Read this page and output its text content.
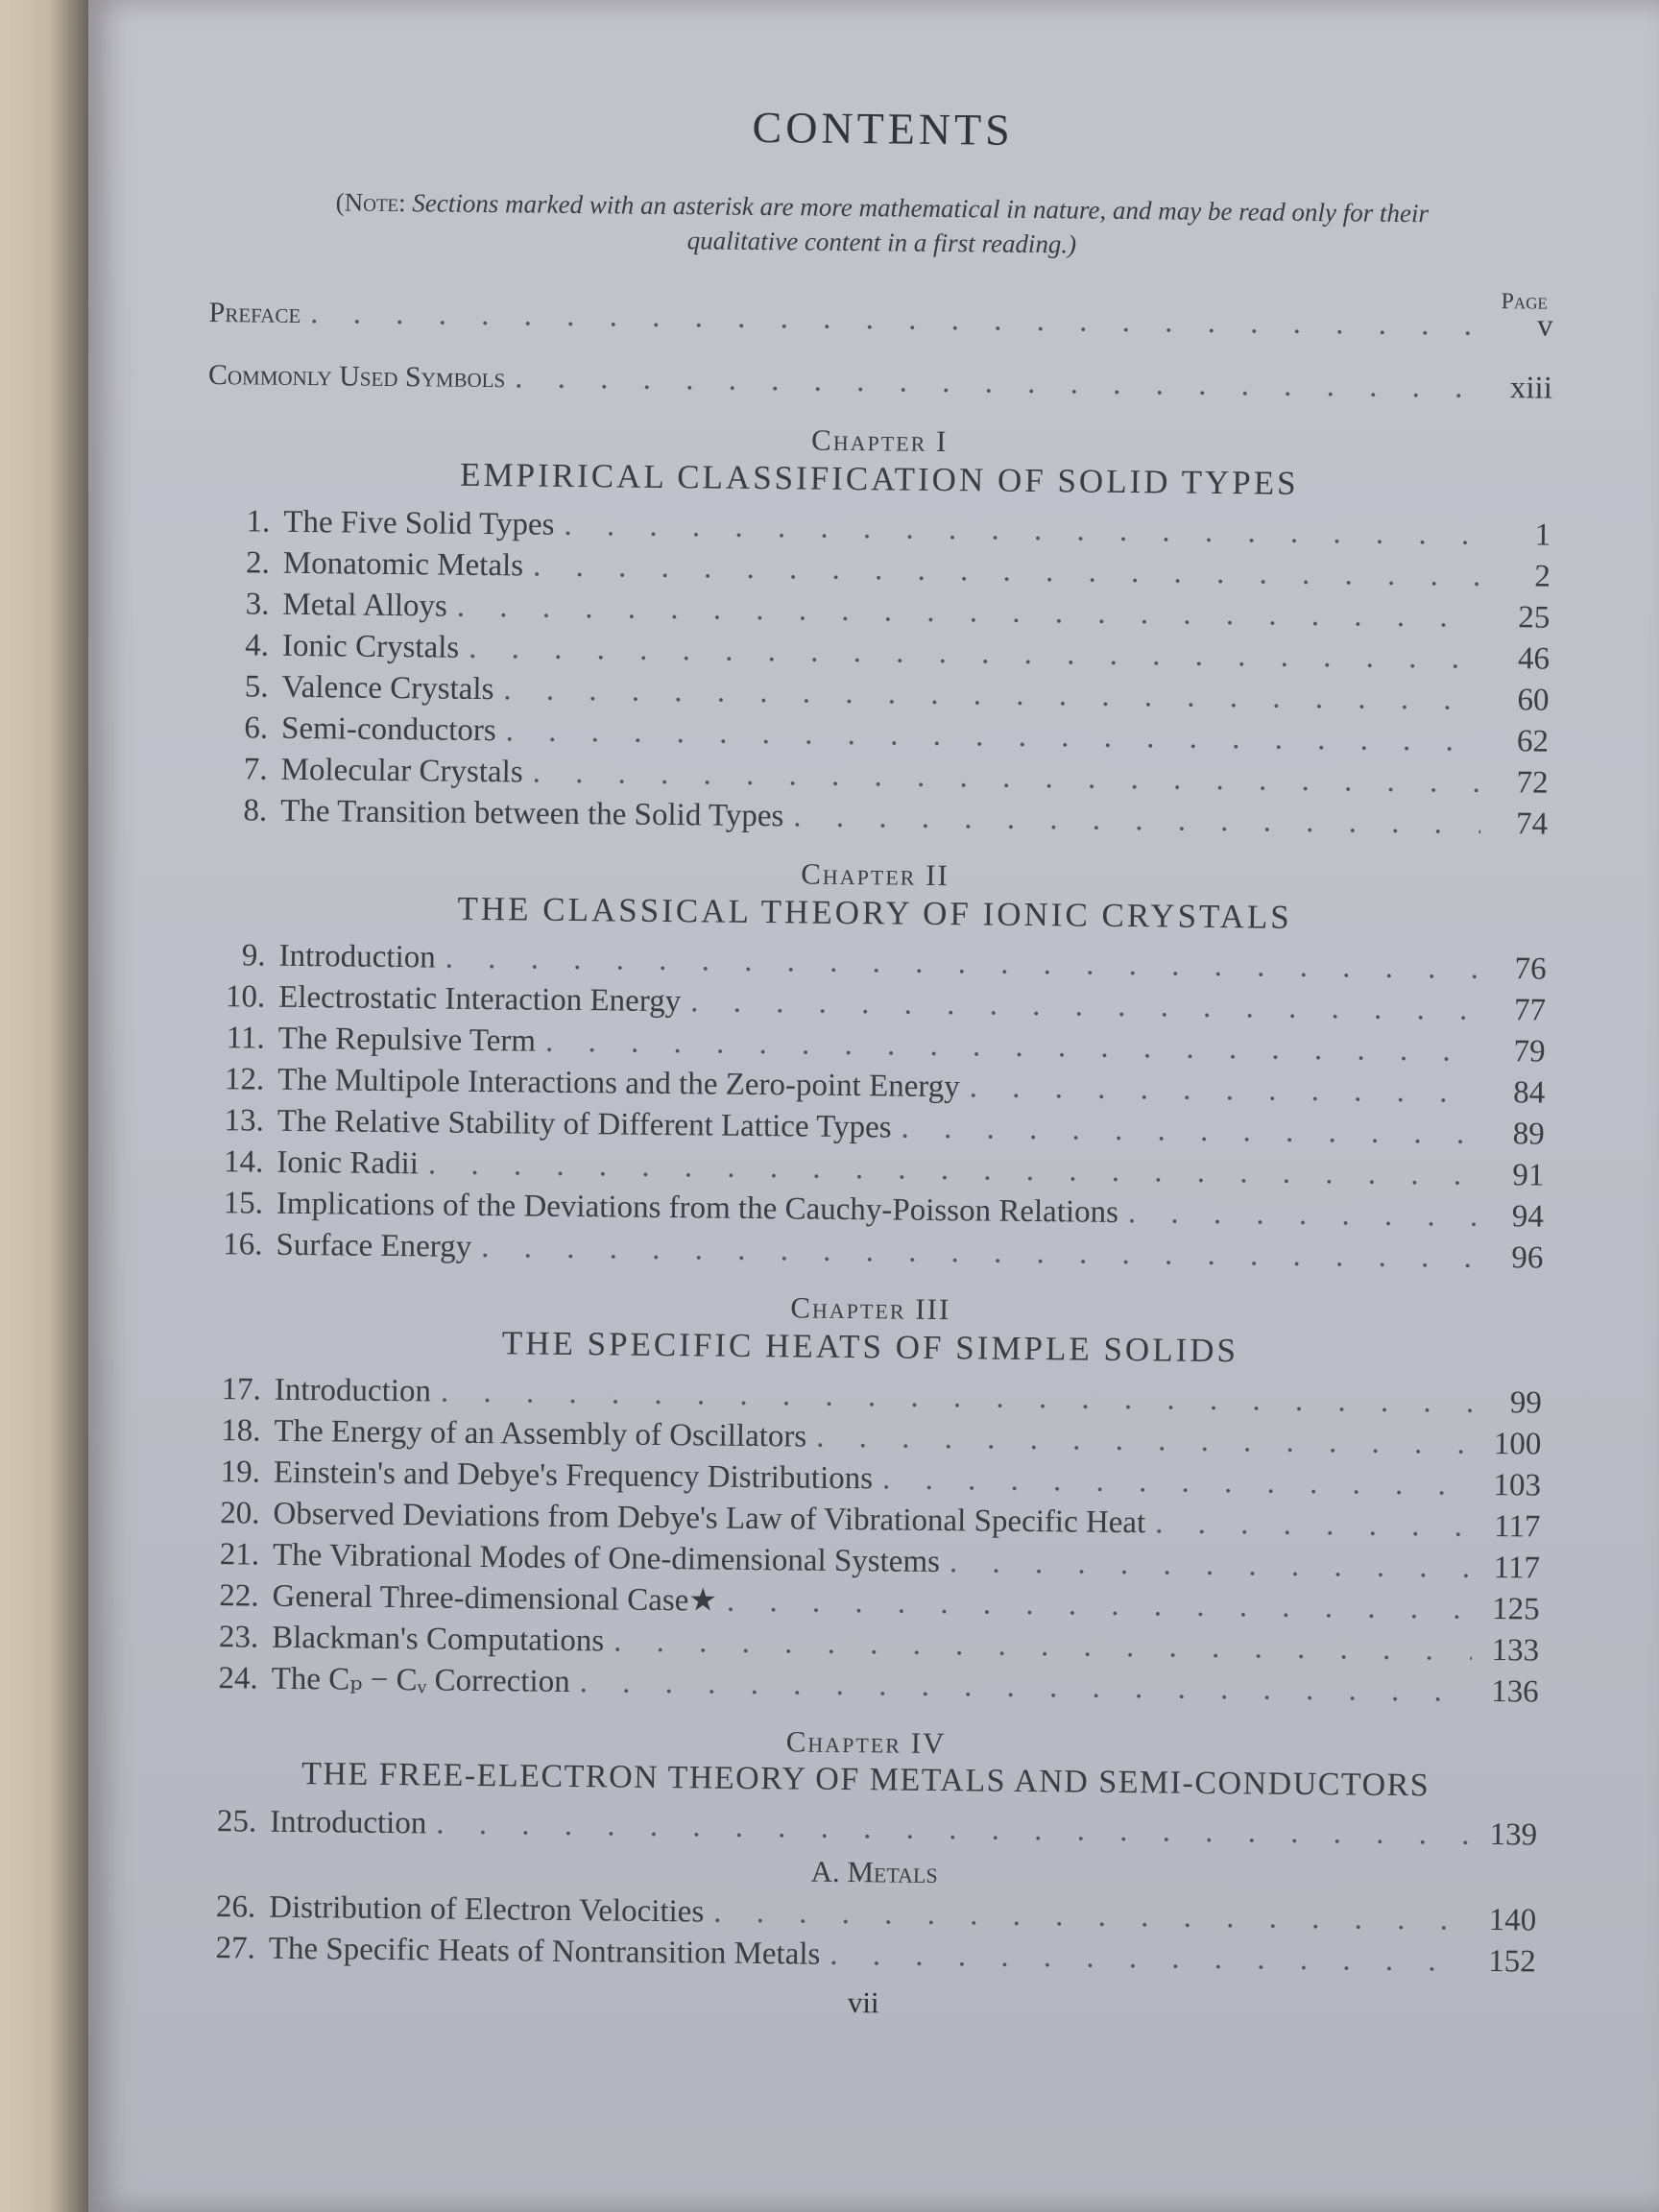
CONTENTS

(Note: Sections marked with an asterisk are more mathematical in nature, and may be read only for their qualitative content in a first reading.)

Page
Preface . . .	v
Commonly Used Symbols . . .	xiii
Chapter I
EMPIRICAL CLASSIFICATION OF SOLID TYPES
1. The Five Solid Types . . .	1
2. Monatomic Metals . . .	2
3. Metal Alloys . . .	25
4. Ionic Crystals . . .	46
5. Valence Crystals . . .	60
6. Semi-conductors . . .	62
7. Molecular Crystals . . .	72
8. The Transition between the Solid Types . . .	74
Chapter II
THE CLASSICAL THEORY OF IONIC CRYSTALS
9. Introduction . . .	76
10. Electrostatic Interaction Energy . . .	77
11. The Repulsive Term . . .	79
12. The Multipole Interactions and the Zero-point Energy . . .	84
13. The Relative Stability of Different Lattice Types . . .	89
14. Ionic Radii . . .	91
15. Implications of the Deviations from the Cauchy-Poisson Relations . . .	94
16. Surface Energy . . .	96
Chapter III
THE SPECIFIC HEATS OF SIMPLE SOLIDS
17. Introduction . . .	99
18. The Energy of an Assembly of Oscillators . . .	100
19. Einstein's and Debye's Frequency Distributions . . .	103
20. Observed Deviations from Debye's Law of Vibrational Specific Heat . . .	117
21. The Vibrational Modes of One-dimensional Systems . . .	117
22. General Three-dimensional Case★ . . .	125
23. Blackman's Computations . . .	133
24. The Cₚ − Cᵥ Correction . . .	136
Chapter IV
THE FREE-ELECTRON THEORY OF METALS AND SEMI-CONDUCTORS
25. Introduction . . .	139
A. Metals
26. Distribution of Electron Velocities . . .	140
27. The Specific Heats of Nontransition Metals . . .	152
vii
